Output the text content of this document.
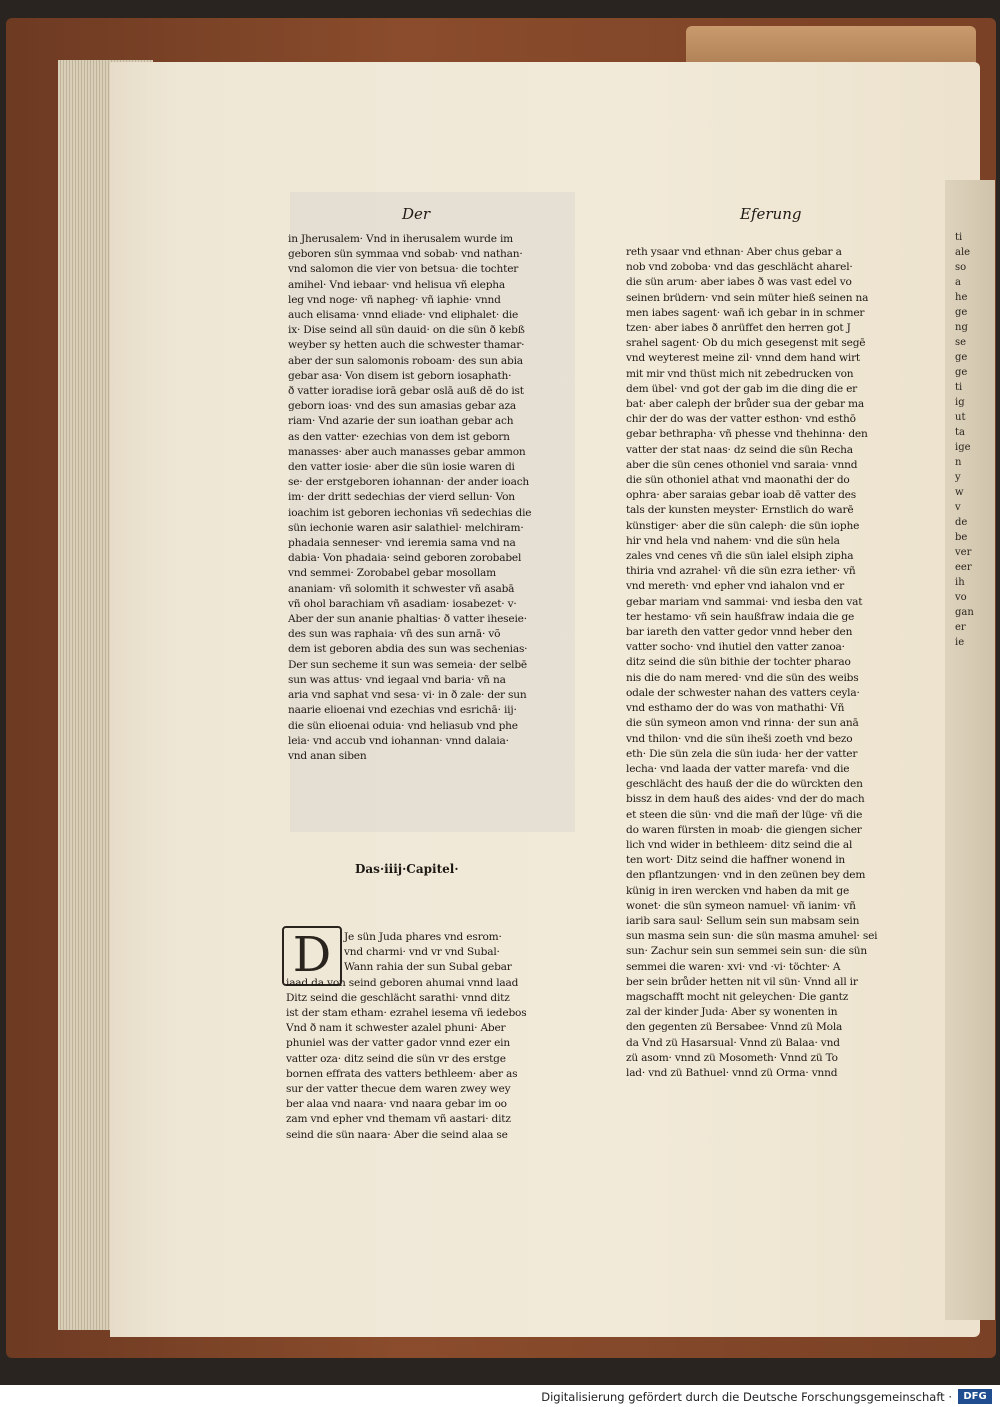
Der	Eferung
in Jherusalem· Vnd in iherusalem wurde im
geboren sün symmaa vnd sobab· vnd nathan·
vnd salomon die vier von betsua· die tochter
amihel· Vnd iebaar· vnd helisua vñ elepha
leg vnd noge· vñ napheg· vñ iaphie· vnnd
auch elisama· vnnd eliade· vnd eliphalet· die
ix· Dise seind all sün dauid· on die sün ð kebß
weyber sy hetten auch die schwester thamar·
aber der sun salomonis roboam· des sun abia
gebar asa· Von disem ist geborn iosaphath·
ð vatter ioradise iorā gebar oslā auß dē do ist
geborn ioas· vnd des sun amasias gebar aza
riam· Vnd azarie der sun ioathan gebar ach
as den vatter· ezechias von dem ist geborn
manasses· aber auch manasses gebar ammon
den vatter iosie· aber die sün iosie waren di
se· der erstgeboren iohannan· der ander ioach
im· der dritt sedechias der vierd sellun· Von
ioachim ist geboren iechonias vñ sedechias die
sün iechonie waren asir salathiel· melchiram·
phadaia senneser· vnd ieremia sama vnd na
dabia· Von phadaia· seind geboren zorobabel
vnd semmei· Zorobabel gebar mosollam
ananiam· vñ solomith it schwester vñ asabā
vñ ohol barachiam vñ asadiam· iosabezet· v·
Aber der sun ananie phaltias· ð vatter iheseie·
des sun was raphaia· vñ des sun arnā· võ
dem ist geboren abdia des sun was sechenias·
Der sun secheme it sun was semeia· der selbē
sun was attus· vnd iegaal vnd baria· vñ na
aria vnd saphat vnd sesa· vi· in ð zale· der sun
naarie elioenai vnd ezechias vnd esrichā· iij·
die sün elioenai oduia· vnd heliasub vnd phe
leia· vnd accub vnd iohannan· vnnd dalaia·
vnd anan siben
Das·iiij·Capitel·
D	Je sün Juda phares vnd esrom·
vnd charmi· vnd vr vnd Subal·
Wann rahia der sun Subal gebar
iaad da von seind geboren ahumai vnnd laad
Ditz seind die geschlächt sarathi· vnnd ditz
ist der stam etham· ezrahel iesema vñ iedebos
Vnd ð nam it schwester azalel phuni· Aber
phuniel was der vatter gador vnnd ezer ein
vatter oza· ditz seind die sün vr des erstge
bornen effrata des vatters bethleem· aber as
sur der vatter thecue dem waren zwey wey
ber alaa vnd naara· vnd naara gebar im oo
zam vnd epher vnd themam vñ aastari· ditz
seind die sün naara· Aber die seind alaa se
reth ysaar vnd ethnan· Aber chus gebar a
nob vnd zoboba· vnd das geschlächt aharel·
die sün arum· aber iabes ð was vast edel vo
seinen brüdern· vnd sein müter hieß seinen na
men iabes sagent· wañ ich gebar in in schmer
tzen· aber iabes ð anrüffet den herren got J
srahel sagent· Ob du mich gesegenst mit segē
vnd weyterest meine zil· vnnd dem hand wirt
mit mir vnd thüst mich nit zebedrucken von
dem übel· vnd got der gab im die ding die er
bat· aber caleph der brůder sua der gebar ma
chir der do was der vatter esthon· vnd esthō
gebar bethrapha· vñ phesse vnd thehinna· den
vatter der stat naas· dz seind die sün Recha
aber die sün cenes othoniel vnd saraia· vnnd
die sün othoniel athat vnd maonathi der do
ophra· aber saraias gebar ioab dē vatter des
tals der kunsten meyster· Ernstlich do warē
künstiger· aber die sün caleph· die sün iophe
hir vnd hela vnd nahem· vnd die sün hela
zales vnd cenes vñ die sün ialel elsiph zipha
thiria vnd azrahel· vñ die sün ezra iether· vñ
vnd mereth· vnd epher vnd iahalon vnd er
gebar mariam vnd sammai· vnd iesba den vat
ter hestamo· vñ sein haußfraw indaia die ge
bar iareth den vatter gedor vnnd heber den
vatter socho· vnd ihutiel den vatter zanoa·
ditz seind die sün bithie der tochter pharao
nis die do nam mered· vnd die sün des weibs
odale der schwester nahan des vatters ceyla·
vnd esthamo der do was von mathathi· Vñ
die sün symeon amon vnd rinna· der sun anā
vnd thilon· vnd die sün iheši zoeth vnd bezo
eth· Die sün zela die sün iuda· her der vatter
lecha· vnd laada der vatter marefa· vnd die
geschlächt des hauß der die do würckten den
bissz in dem hauß des aides· vnd der do mach
et steen die sün· vnd die mañ der lüge· vñ die
do waren fürsten in moab· die giengen sicher
lich vnd wider in bethleem· ditz seind die al
ten wort· Ditz seind die haffner wonend in
den pflantzungen· vnd in den zeünen bey dem
künig in iren wercken vnd haben da mit ge
wonet· die sün symeon namuel· vñ ianim· vñ
iarib sara saul· Sellum sein sun mabsam sein
sun masma sein sun· die sün masma amuhel· sei
sun· Zachur sein sun semmei sein sun· die sün
semmei die waren· xvi· vnd ·vi· töchter· A
ber sein brůder hetten nit vil sün· Vnnd all ir
magschafft mocht nit geleychen· Die gantz
zal der kinder Juda· Aber sy wonenten in
den gegenten zü Bersabee· Vnnd zü Mola
da Vnd zü Hasarsual· Vnnd zü Balaa· vnd
zü asom· vnnd zü Mosometh· Vnnd zü To
lad· vnd zü Bathuel· vnnd zü Orma· vnnd
ti
ale
so
a
he
ge
ng
se
ge
ge
ti
ig
ut
ta
ige
n
y
w
v
de
be
ver
eer
ih
vo
gan
er
ie
Digitalisierung gefördert durch die Deutsche Forschungsgemeinschaft ·	DFG
